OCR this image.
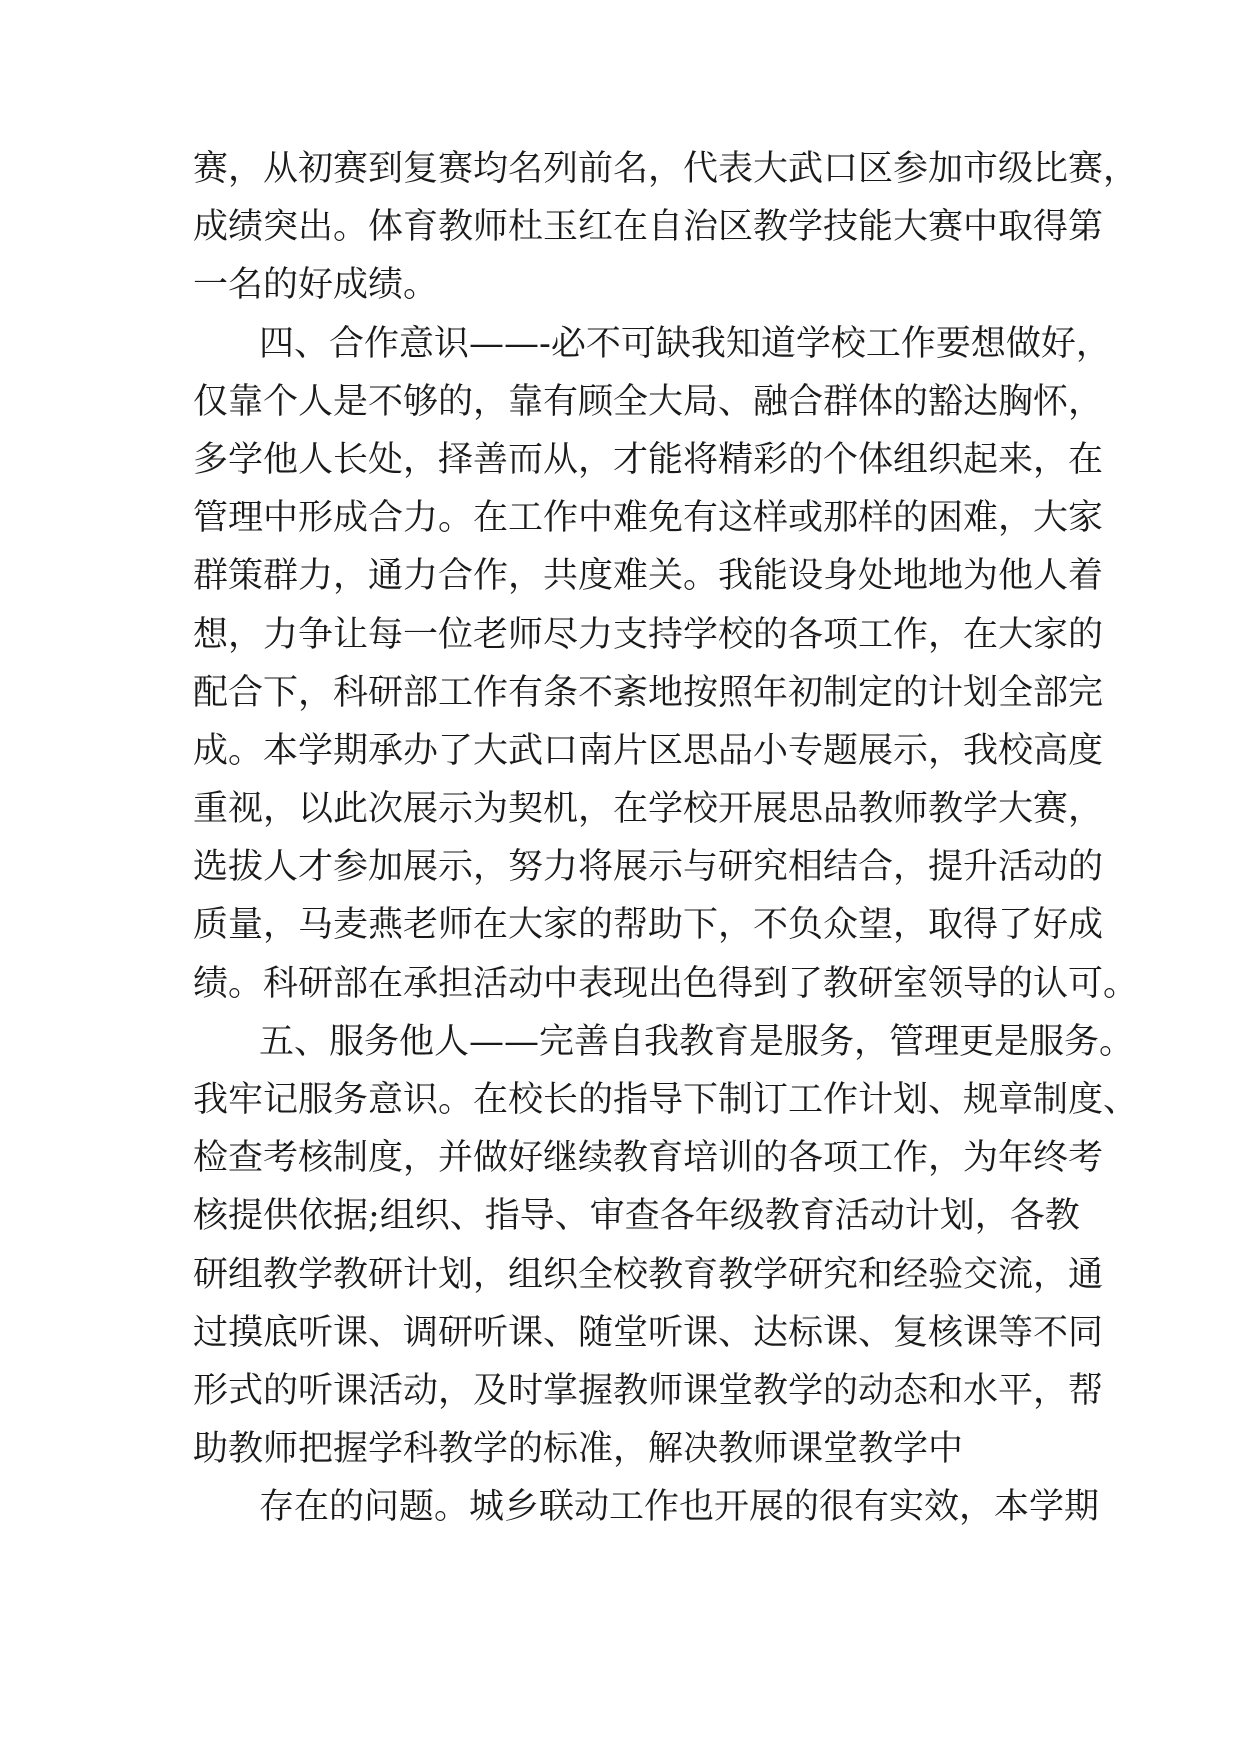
赛，从初赛到复赛均名列前名，代表大武口区参加市级比赛，
成绩突出。体育教师杜玉红在自治区教学技能大赛中取得第
一名的好成绩。
四、合作意识——-必不可缺我知道学校工作要想做好，
仅靠个人是不够的，靠有顾全大局、融合群体的豁达胸怀，
多学他人长处，择善而从，才能将精彩的个体组织起来，在
管理中形成合力。在工作中难免有这样或那样的困难，大家
群策群力，通力合作，共度难关。我能设身处地地为他人着
想，力争让每一位老师尽力支持学校的各项工作，在大家的
配合下，科研部工作有条不紊地按照年初制定的计划全部完
成。本学期承办了大武口南片区思品小专题展示，我校高度
重视，以此次展示为契机，在学校开展思品教师教学大赛，
选拔人才参加展示，努力将展示与研究相结合，提升活动的
质量，马麦燕老师在大家的帮助下，不负众望，取得了好成
绩。科研部在承担活动中表现出色得到了教研室领导的认可。
五、服务他人——完善自我教育是服务，管理更是服务。
我牢记服务意识。在校长的指导下制订工作计划、规章制度、
检查考核制度，并做好继续教育培训的各项工作，为年终考
核提供依据;组织、指导、审查各年级教育活动计划，各教
研组教学教研计划，组织全校教育教学研究和经验交流，通
过摸底听课、调研听课、随堂听课、达标课、复核课等不同
形式的听课活动，及时掌握教师课堂教学的动态和水平，帮
助教师把握学科教学的标准，解决教师课堂教学中
存在的问题。城乡联动工作也开展的很有实效，本学期
